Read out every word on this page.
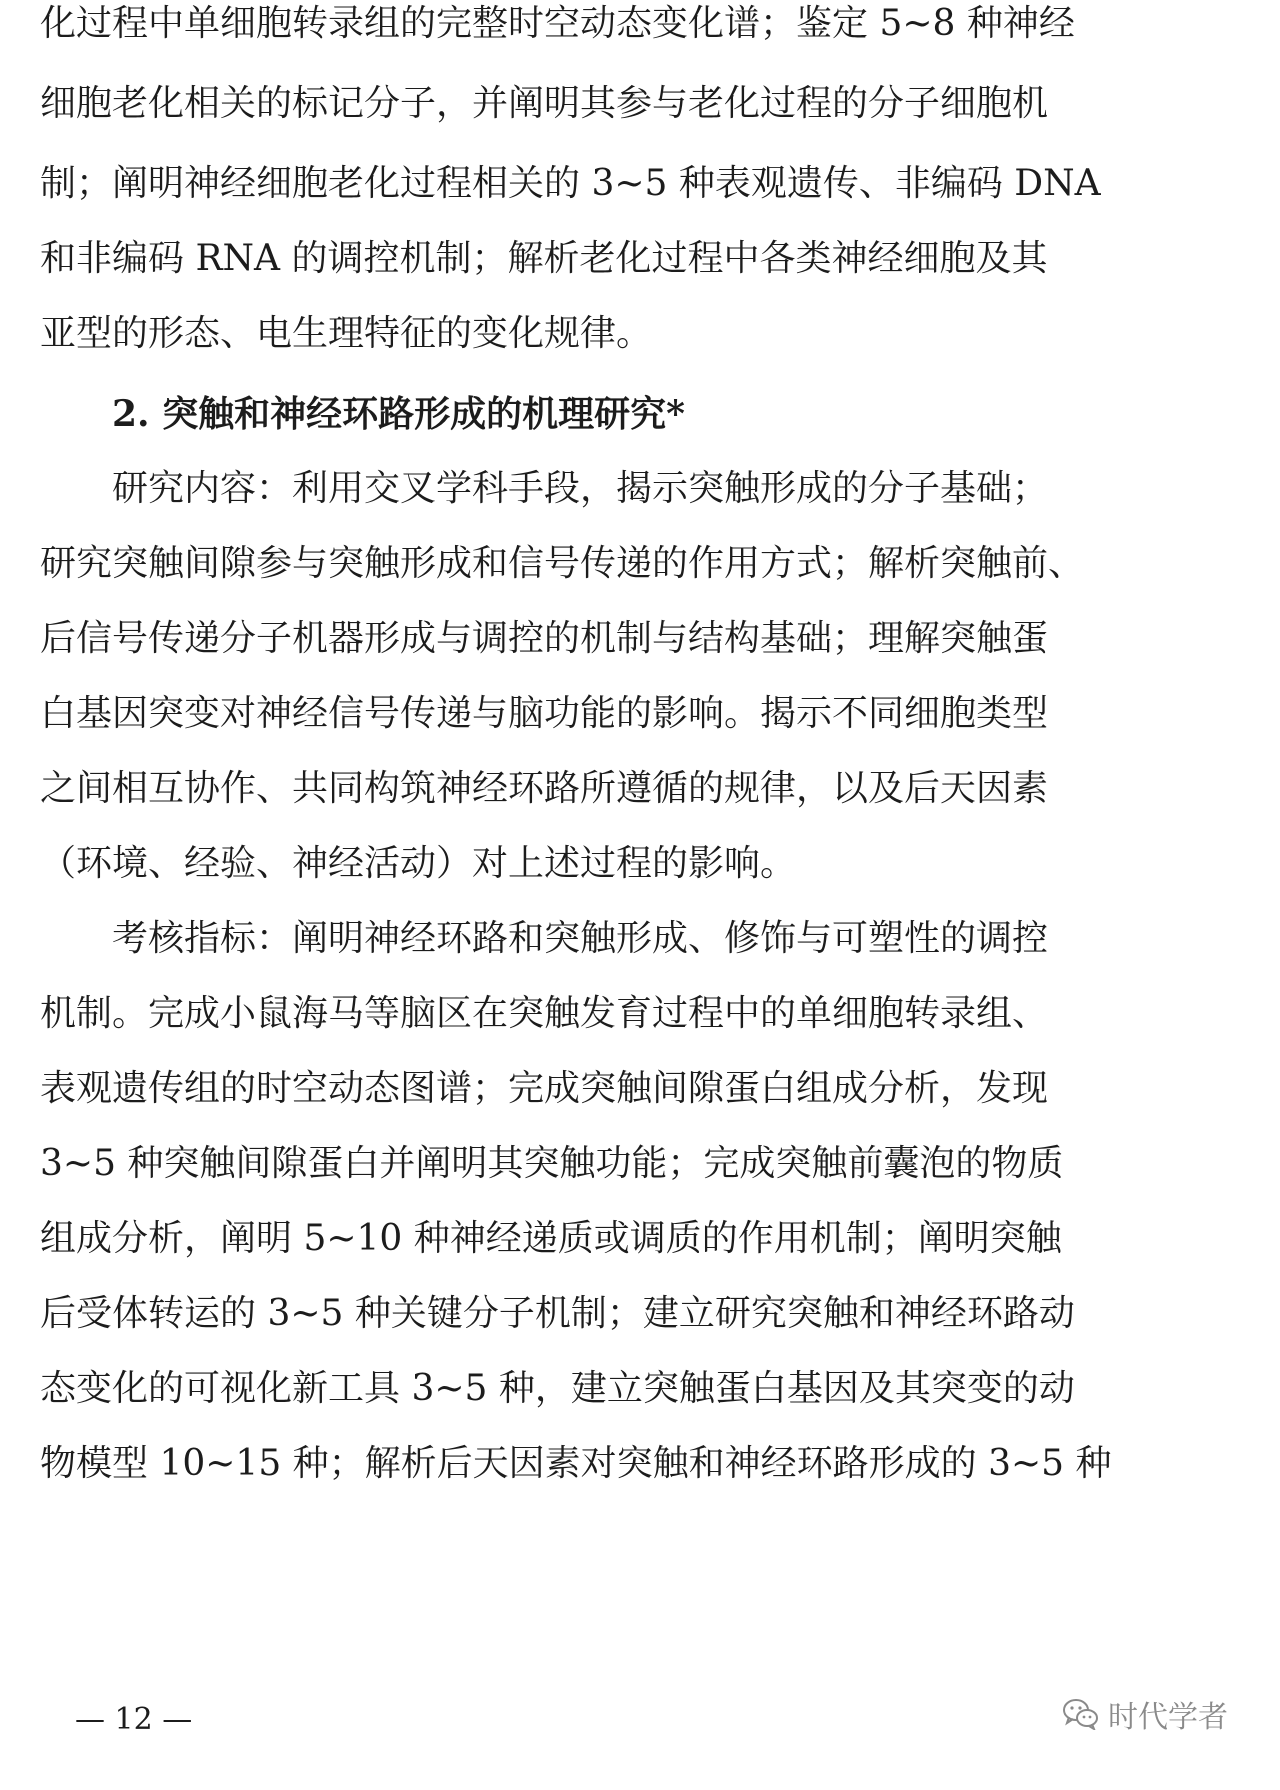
化过程中单细胞转录组的完整时空动态变化谱；鉴定 5~8 种神经
细胞老化相关的标记分子，并阐明其参与老化过程的分子细胞机
制；阐明神经细胞老化过程相关的 3~5 种表观遗传、非编码 DNA
和非编码 RNA 的调控机制；解析老化过程中各类神经细胞及其
亚型的形态、电生理特征的变化规律。
2. 突触和神经环路形成的机理研究*
研究内容：利用交叉学科手段，揭示突触形成的分子基础；
研究突触间隙参与突触形成和信号传递的作用方式；解析突触前、
后信号传递分子机器形成与调控的机制与结构基础；理解突触蛋
白基因突变对神经信号传递与脑功能的影响。揭示不同细胞类型
之间相互协作、共同构筑神经环路所遵循的规律，以及后天因素
（环境、经验、神经活动）对上述过程的影响。
考核指标：阐明神经环路和突触形成、修饰与可塑性的调控
机制。完成小鼠海马等脑区在突触发育过程中的单细胞转录组、
表观遗传组的时空动态图谱；完成突触间隙蛋白组成分析，发现
3~5 种突触间隙蛋白并阐明其突触功能；完成突触前囊泡的物质
组成分析，阐明 5~10 种神经递质或调质的作用机制；阐明突触
后受体转运的 3~5 种关键分子机制；建立研究突触和神经环路动
态变化的可视化新工具 3~5 种，建立突触蛋白基因及其突变的动
物模型 10~15 种；解析后天因素对突触和神经环路形成的 3~5 种
— 12 —	时代学者
